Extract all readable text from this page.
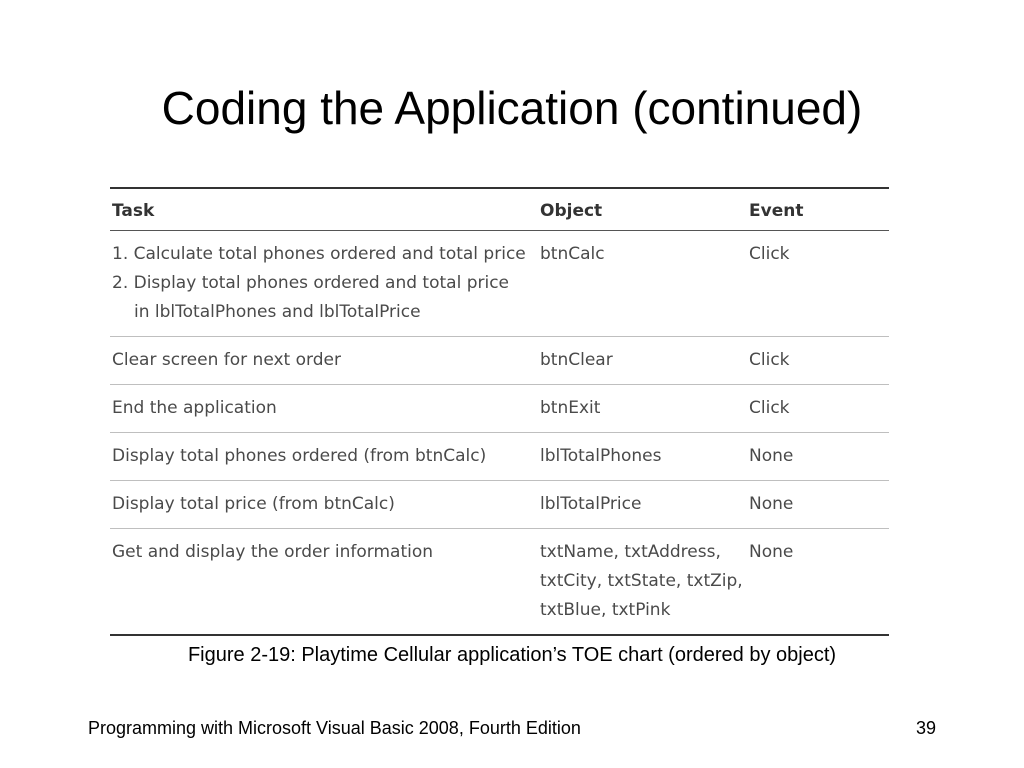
Coding the Application (continued)
Task	Object	Event

1. Calculate total phones ordered and total price
2. Display total phones ordered and total price
in lblTotalPhones and lblTotalPrice	btnCalc	Click

Clear screen for next order	btnClear	Click

End the application	btnExit	Click

Display total phones ordered (from btnCalc)	lblTotalPhones	None

Display total price (from btnCalc)	lblTotalPrice	None

Get and display the order information	txtName, txtAddress,
txtCity, txtState, txtZip,
txtBlue, txtPink	None
Figure 2-19: Playtime Cellular application’s TOE chart (ordered by object)
Programming with Microsoft Visual Basic 2008, Fourth Edition	39
